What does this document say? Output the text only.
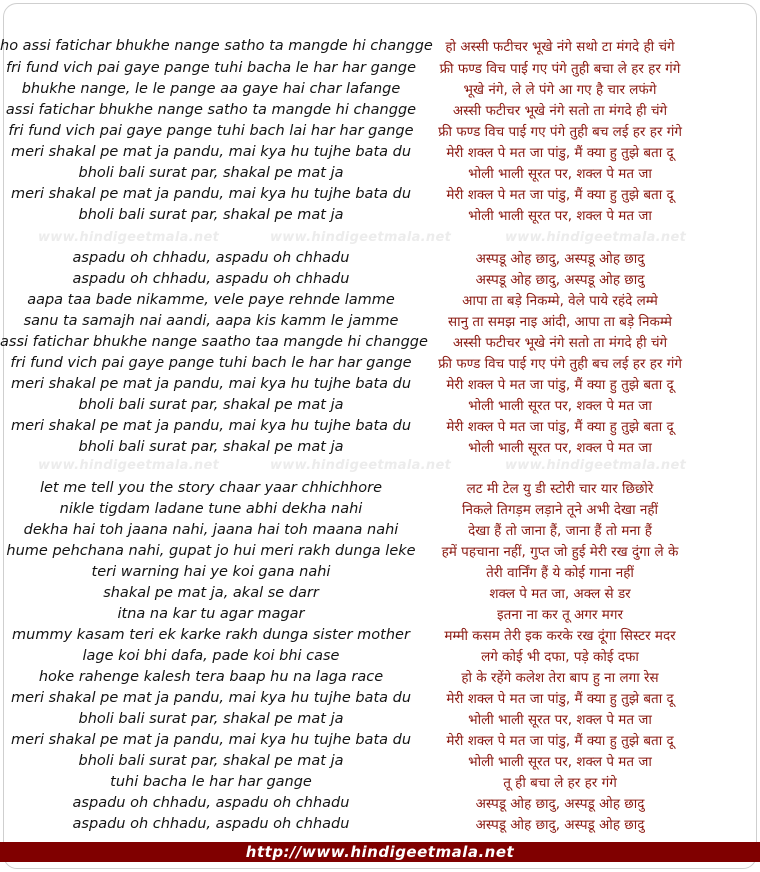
www.hindigeetmala.net	www.hindigeetmala.net	www.hindigeetmala.net
www.hindigeetmala.net	www.hindigeetmala.net	www.hindigeetmala.net
ho assi fatichar bhukhe nange satho ta mangde hi changge हो अस्सी फटीचर भूखे नंगे सथो टा मंगदे ही चंगे
fri fund vich pai gaye pange tuhi bacha le har har gange	फ्री फण्ड विच पाई गए पंगे तुही बचा ले हर हर गंगे
bhukhe nange, le le pange aa gaye hai char lafange	भूखे नंगे, ले ले पंगे आ गए है चार लफंगे
assi fatichar bhukhe nange satho ta mangde hi changge	अस्सी फटीचर भूखे नंगे सतो ता मंगदे ही चंगे
fri fund vich pai gaye pange tuhi bach lai har har gange	फ्री फण्ड विच पाई गए पंगे तुही बच लई हर हर गंगे
meri shakal pe mat ja pandu, mai kya hu tujhe bata du	मेरी शक्ल पे मत जा पांडु, मैं क्या हु तुझे बता दू
bholi bali surat par, shakal pe mat ja	भोली भाली सूरत पर, शक्ल पे मत जा
meri shakal pe mat ja pandu, mai kya hu tujhe bata du	मेरी शक्ल पे मत जा पांडु, मैं क्या हु तुझे बता दू
bholi bali surat par, shakal pe mat ja	भोली भाली सूरत पर, शक्ल पे मत जा
aspadu oh chhadu, aspadu oh chhadu	अस्पडू ओह छादु, अस्पडू ओह छादु
aspadu oh chhadu, aspadu oh chhadu	अस्पडू ओह छादु, अस्पडू ओह छादु
aapa taa bade nikamme, vele paye rehnde lamme	आपा ता बड़े निकम्मे, वेले पाये रहंदे लम्मे
sanu ta samajh nai aandi, aapa kis kamm le jamme	सानु ता समझ नाइ आंदी, आपा ता बड़े निकम्मे
assi fatichar bhukhe nange saatho taa mangde hi changge	अस्सी फटीचर भूखे नंगे सतो ता मंगदे ही चंगे
fri fund vich pai gaye pange tuhi bach le har har gange	फ्री फण्ड विच पाई गए पंगे तुही बच लई हर हर गंगे
meri shakal pe mat ja pandu, mai kya hu tujhe bata du	मेरी शक्ल पे मत जा पांडु, मैं क्या हु तुझे बता दू
bholi bali surat par, shakal pe mat ja	भोली भाली सूरत पर, शक्ल पे मत जा
meri shakal pe mat ja pandu, mai kya hu tujhe bata du	मेरी शक्ल पे मत जा पांडु, मैं क्या हु तुझे बता दू
bholi bali surat par, shakal pe mat ja	भोली भाली सूरत पर, शक्ल पे मत जा
let me tell you the story chaar yaar chhichhore	लट मी टेल यु डी स्टोरी चार यार छिछोरे
nikle tigdam ladane tune abhi dekha nahi	निकले तिगड़म लड़ाने तूने अभी देखा नहीं
dekha hai toh jaana nahi, jaana hai toh maana nahi	देखा हैं तो जाना हैं, जाना हैं तो मना हैं
hume pehchana nahi, gupat jo hui meri rakh dunga leke	हमें पहचाना नहीं, गुप्त जो हुई मेरी रख दुंगा ले के
teri warning hai ye koi gana nahi	तेरी वार्निंग हैं ये कोई गाना नहीं
shakal pe mat ja, akal se darr	शक्ल पे मत जा, अक्ल से डर
itna na kar tu agar magar	इतना ना कर तू अगर मगर
mummy kasam teri ek karke rakh dunga sister mother	मम्मी कसम तेरी इक करके रख दूंगा सिस्टर मदर
lage koi bhi dafa, pade koi bhi case	लगे कोई भी दफा, पड़े कोई दफा
hoke rahenge kalesh tera baap hu na laga race	हो के रहेंगे कलेश तेरा बाप हु ना लगा रेस
meri shakal pe mat ja pandu, mai kya hu tujhe bata du	मेरी शक्ल पे मत जा पांडु, मैं क्या हु तुझे बता दू
bholi bali surat par, shakal pe mat ja	भोली भाली सूरत पर, शक्ल पे मत जा
meri shakal pe mat ja pandu, mai kya hu tujhe bata du	मेरी शक्ल पे मत जा पांडु, मैं क्या हु तुझे बता दू
bholi bali surat par, shakal pe mat ja	भोली भाली सूरत पर, शक्ल पे मत जा
tuhi bacha le har har gange	तू ही बचा ले हर हर गंगे
aspadu oh chhadu, aspadu oh chhadu	अस्पडू ओह छादु, अस्पडू ओह छादु
aspadu oh chhadu, aspadu oh chhadu	अस्पडू ओह छादु, अस्पडू ओह छादु
http://www.hindigeetmala.net
